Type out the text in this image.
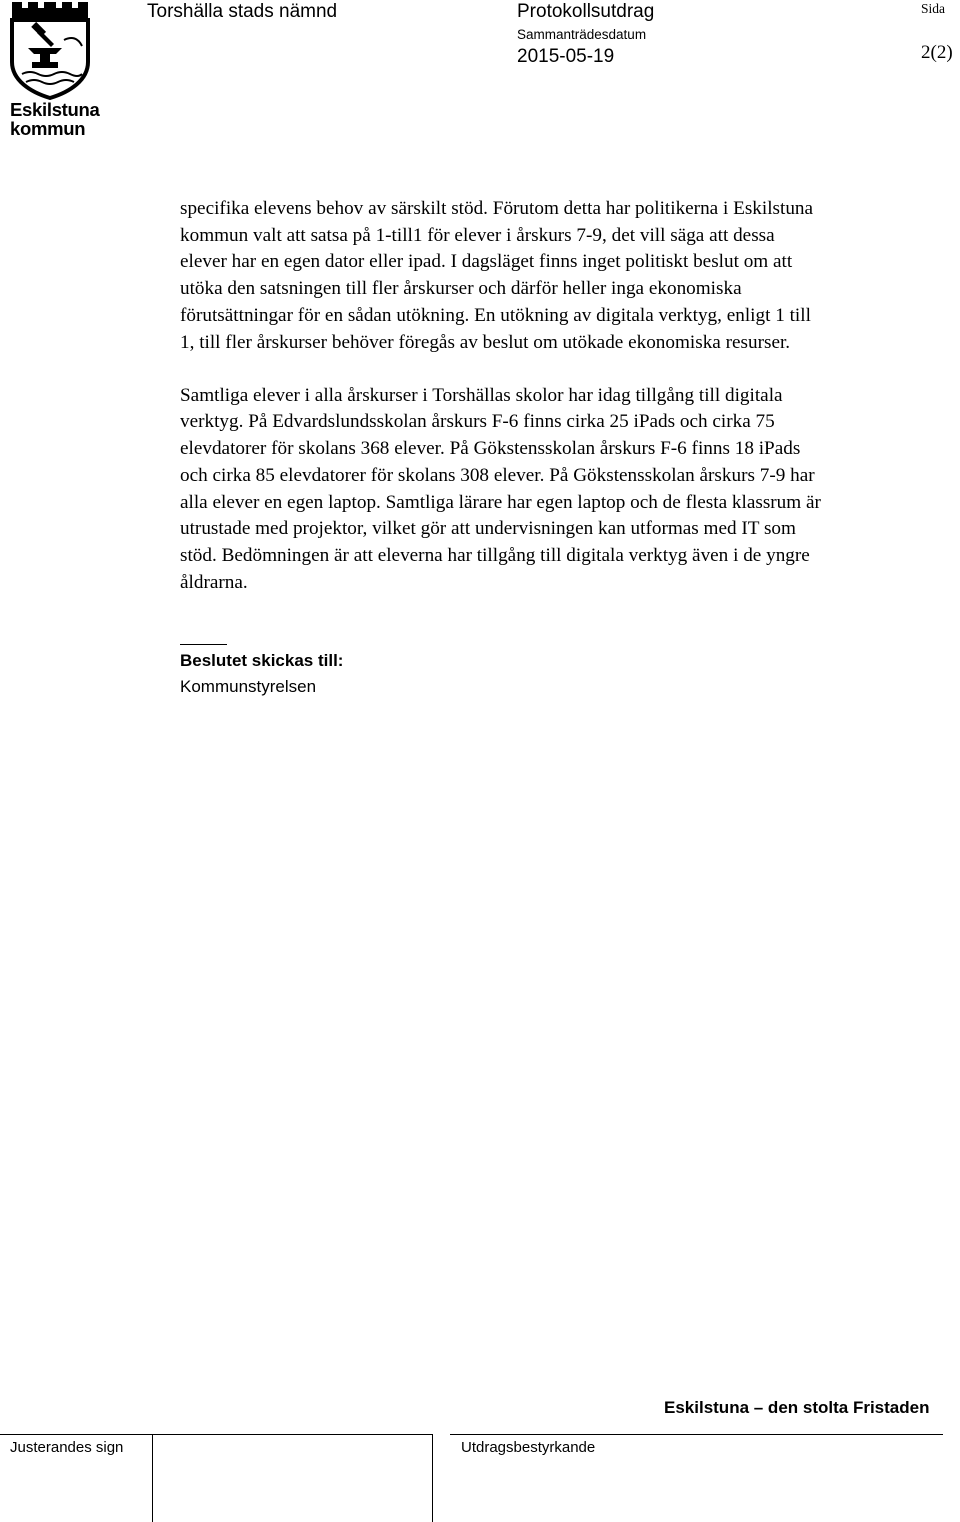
Eskilstuna
kommun
Torshälla stads nämnd	Protokollsutdrag
Sammanträdesdatum
2015-05-19
Sida
2(2)

specifika elevens behov av särskilt stöd. Förutom detta har politikerna i Eskilstuna
kommun valt att satsa på 1-till1 för elever i årskurs 7-9, det vill säga att dessa
elever har en egen dator eller ipad. I dagsläget finns inget politiskt beslut om att
utöka den satsningen till fler årskurser och därför heller inga ekonomiska
förutsättningar för en sådan utökning. En utökning av digitala verktyg, enligt 1 till
1, till fler årskurser behöver föregås av beslut om utökade ekonomiska resurser.

Samtliga elever i alla årskurser i Torshällas skolor har idag tillgång till digitala
verktyg. På Edvardslundsskolan årskurs F-6 finns cirka 25 iPads och cirka 75
elevdatorer för skolans 368 elever. På Gökstensskolan årskurs F-6 finns 18 iPads
och cirka 85 elevdatorer för skolans 308 elever. På Gökstensskolan årskurs 7-9 har
alla elever en egen laptop. Samtliga lärare har egen laptop och de flesta klassrum är
utrustade med projektor, vilket gör att undervisningen kan utformas med IT som
stöd. Bedömningen är att eleverna har tillgång till digitala verktyg även i de yngre
åldrarna.

Beslutet skickas till:
Kommunstyrelsen
Eskilstuna – den stolta Fristaden
Justerandes sign	Utdragsbestyrkande
